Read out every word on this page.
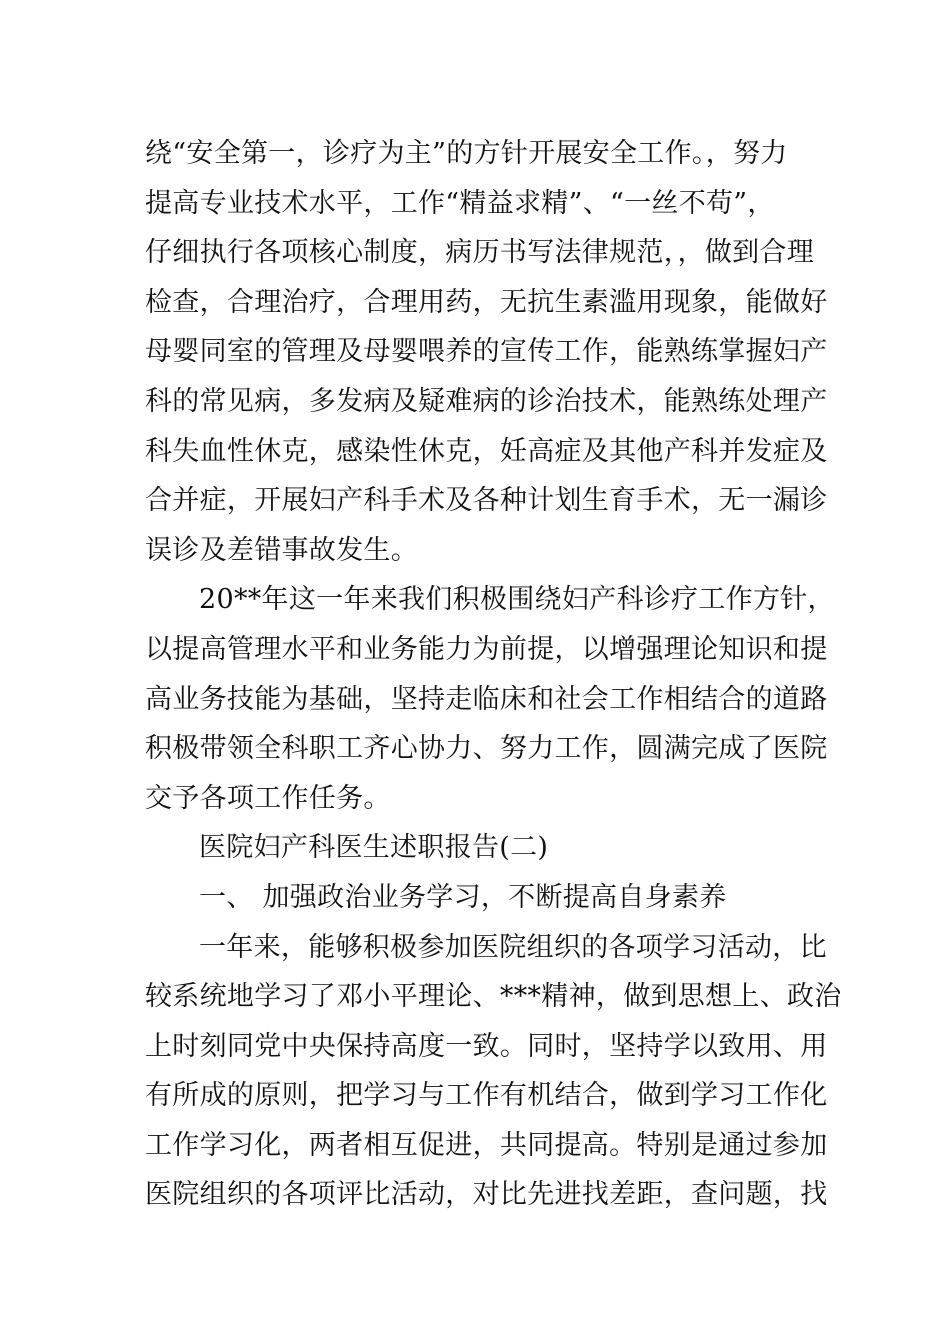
绕“安全第一，诊疗为主”的方针开展安全工作。，努力
提高专业技术水平，工作“精益求精”、“一丝不苟”，
仔细执行各项核心制度，病历书写法律规范，，做到合理
检查，合理治疗，合理用药，无抗生素滥用现象，能做好
母婴同室的管理及母婴喂养的宣传工作，能熟练掌握妇产
科的常见病，多发病及疑难病的诊治技术，能熟练处理产
科失血性休克，感染性休克，妊高症及其他产科并发症及
合并症，开展妇产科手术及各种计划生育手术，无一漏诊
误诊及差错事故发生。
20**年这一年来我们积极围绕妇产科诊疗工作方针，
以提高管理水平和业务能力为前提，以增强理论知识和提
高业务技能为基础，坚持走临床和社会工作相结合的道路
积极带领全科职工齐心协力、努力工作，圆满完成了医院
交予各项工作任务。
医院妇产科医生述职报告(二)
一、 加强政治业务学习，不断提高自身素养
一年来，能够积极参加医院组织的各项学习活动，比
较系统地学习了邓小平理论、***精神，做到思想上、政治
上时刻同党中央保持高度一致。同时，坚持学以致用、用
有所成的原则，把学习与工作有机结合，做到学习工作化
工作学习化，两者相互促进，共同提高。特别是通过参加
医院组织的各项评比活动，对比先进找差距，查问题，找
